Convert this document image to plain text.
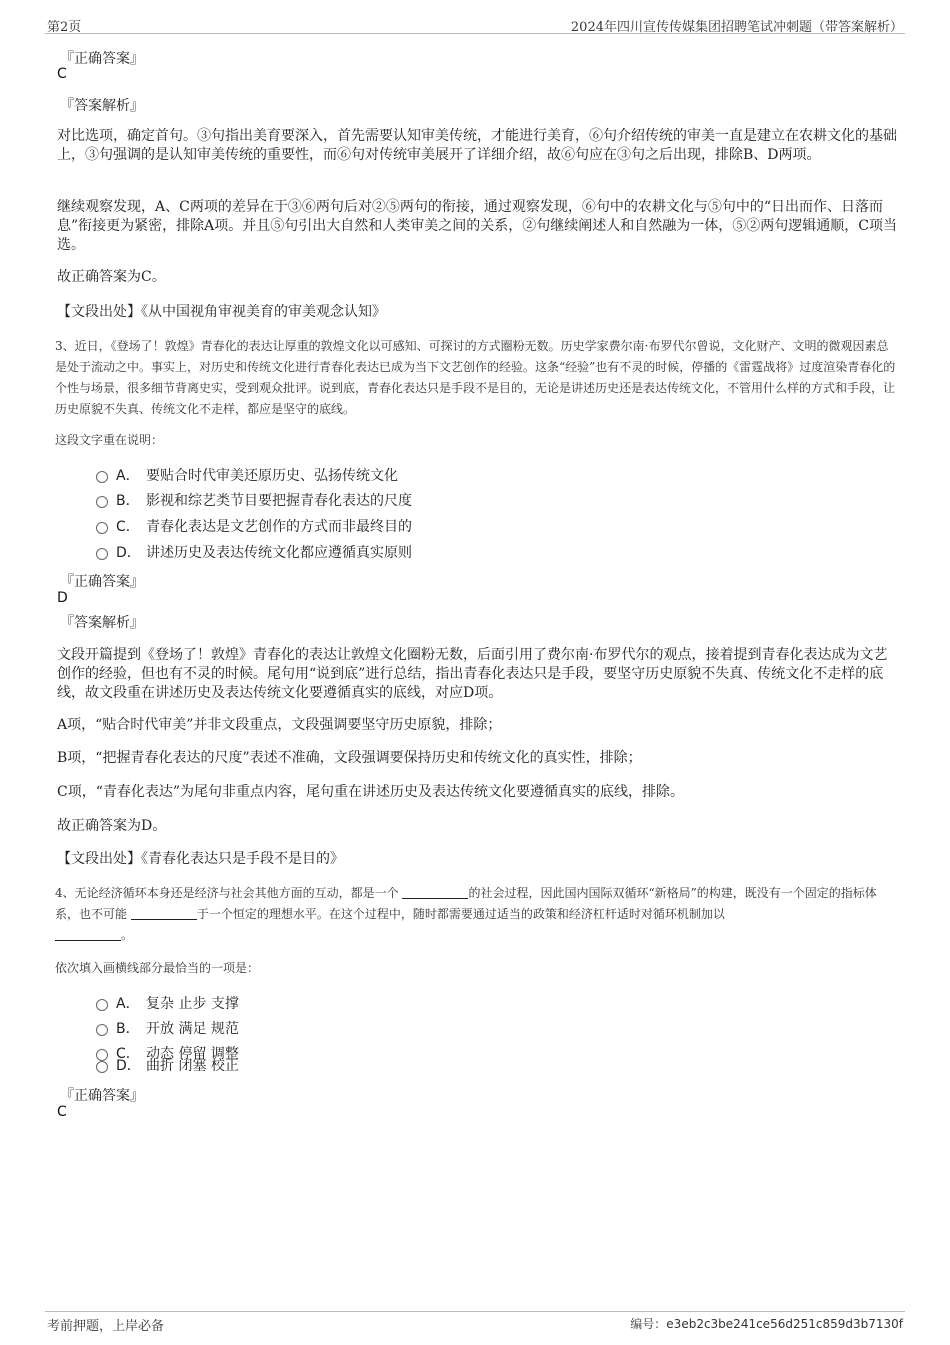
第2页	2024年四川宣传传媒集团招聘笔试冲刺题（带答案解析）
『正确答案』
C
『答案解析』

对比选项，确定首句。③句指出美育要深入，首先需要认知审美传统，才能进行美育，⑥句介绍传统的审美一直是建立在农耕文化的基础上，③句强调的是认知审美传统的重要性，而⑥句对传统审美展开了详细介绍，故⑥句应在③句之后出现，排除B、D两项。

继续观察发现，A、C两项的差异在于③⑥两句后对②⑤两句的衔接，通过观察发现，⑥句中的农耕文化与⑤句中的“日出而作、日落而息”衔接更为紧密，排除A项。并且⑤句引出大自然和人类审美之间的关系，②句继续阐述人和自然融为一体，⑤②两句逻辑通顺，C项当选。

故正确答案为C。

【文段出处】《从中国视角审视美育的审美观念认知》

3、近日，《登场了！敦煌》青春化的表达让厚重的敦煌文化以可感知、可探讨的方式圈粉无数。历史学家费尔南·布罗代尔曾说，文化财产、文明的微观因素总是处于流动之中。事实上，对历史和传统文化进行青春化表达已成为当下文艺创作的经验。这条“经验”也有不灵的时候，停播的《雷霆战将》过度渲染青春化的个性与场景，很多细节背离史实，受到观众批评。说到底，青春化表达只是手段不是目的，无论是讲述历史还是表达传统文化，不管用什么样的方式和手段，让历史原貌不失真、传统文化不走样，都应是坚守的底线。

这段文字重在说明：
A． 要贴合时代审美还原历史、弘扬传统文化
B． 影视和综艺类节目要把握青春化表达的尺度
C． 青春化表达是文艺创作的方式而非最终目的
D． 讲述历史及表达传统文化都应遵循真实原则
『正确答案』
D
『答案解析』

文段开篇提到《登场了！敦煌》青春化的表达让敦煌文化圈粉无数，后面引用了费尔南·布罗代尔的观点，接着提到青春化表达成为文艺创作的经验，但也有不灵的时候。尾句用“说到底”进行总结，指出青春化表达只是手段，要坚守历史原貌不失真、传统文化不走样的底线，故文段重在讲述历史及表达传统文化要遵循真实的底线，对应D项。

A项，“贴合时代审美”并非文段重点，文段强调要坚守历史原貌，排除；

B项，“把握青春化表达的尺度”表述不准确，文段强调要保持历史和传统文化的真实性，排除；

C项，“青春化表达”为尾句非重点内容，尾句重在讲述历史及表达传统文化要遵循真实的底线，排除。

故正确答案为D。

【文段出处】《青春化表达只是手段不是目的》

4、无论经济循环本身还是经济与社会其他方面的互动，都是一个	的社会过程，因此国内国际双循环“新格局”的构建，既没有一个固定的指标体系，也不可能	于一个恒定的理想水平。在这个过程中，随时都需要通过适当的政策和经济杠杆适时对循环机制加以
。

依次填入画横线部分最恰当的一项是：
A． 复杂 止步 支撑
B． 开放 满足 规范
C． 动态 停留 调整
D． 曲折 闭塞 校正
『正确答案』
C
考前押题，上岸必备	编号：e3eb2c3be241ce56d251c859d3b7130f
